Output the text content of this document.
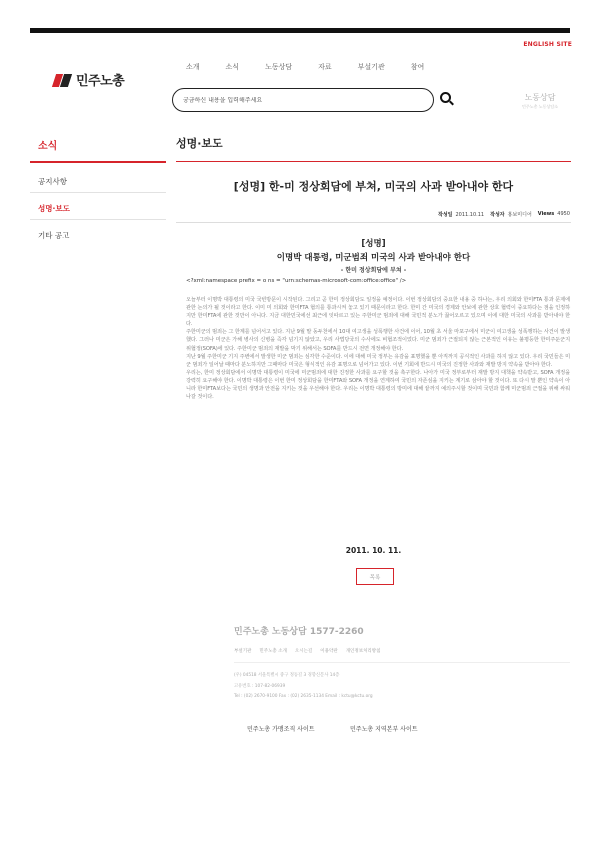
ENGLISH SITE
민주노총
소개	소식	노동상담	자료	부설기관	참여
궁금하신 내용을 입력해주세요
노동상담
민주노총 노동상담소
소식
공지사항
성명·보도
기타 공고
성명·보도
[성명] 한-미 정상회담에 부쳐, 미국의 사과 받아내야 한다
작성일 2011.10.11 작성자 홍보미디어 Views 4950
[성명]
이명박 대통령, 미군범죄 미국의 사과 받아내야 한다
- 한미 정상회담에 부쳐 -
<?xml:namespace prefix = o ns = "urn:schemas-microsoft-com:office:office" />

오늘부터 이명박 대통령의 미국 국빈방문이 시작된다. 그리고 곧 한미 정상회담도 일정을 예정이다. 이번 정상회담의 중요한 내용 중 하나는, 우리 의회와 한미FTA 통과 문제에 관한 논의가 될 것이라고 한다. 이미 미 의회와 한미FTA 협의를 통과시켜 놓고 있기 때문이라고 한다. 한미 간 미국의 경제와 안보에 관한 상호 협력이 중요하다는 점을 인정하지만 한미FTA에 관한 것만이 아니다. 지금 대한민국에선 최근에 잇따르고 있는 주한미군 범죄에 대해 국민적 분노가 끓어오르고 있으며 이에 대한 미국의 사과를 받아내야 한다.

주한미군의 범죄는 그 한계를 넘어서고 있다. 지난 9월 말 동두천에서 10대 여고생을 성폭행한 사건에 이어, 10월 초 서울 마포구에서 미군이 여고생을 성폭행하는 사건이 발생했다. 그러나 미군은 가해 병사의 신병을 즉각 넘기지 않았고, 우리 사법당국의 수사에도 비협조적이었다. 미군 범죄가 근절되지 않는 근본적인 이유는 불평등한 한미주둔군지위협정(SOFA)에 있다. 주한미군 범죄의 재발을 막기 위해서는 SOFA를 반드시 전면 개정해야 한다.

지난 9월 주한미군 기지 주변에서 발생한 미군 범죄는 심각한 수준이다. 이에 대해 미국 정부는 유감을 표명했을 뿐 아직까지 공식적인 사과를 하지 않고 있다. 우리 국민들은 미군 범죄가 일어날 때마다 분노하지만 그때마다 미국은 형식적인 유감 표명으로 넘어가고 있다. 이번 기회에 반드시 미국의 진정한 사과와 재발 방지 약속을 받아야 한다.

우리는, 한미 정상회담에서 이명박 대통령이 미국에 미군범죄에 대한 진정한 사과를 요구할 것을 촉구한다. 나아가 미국 정부로부터 재발 방지 대책을 약속받고, SOFA 개정을 강력히 요구해야 한다. 이명박 대통령은 이번 한미 정상회담을 한미FTA와 SOFA 개정을 연계하여 국민의 자존심을 지키는 계기로 삼아야 할 것이다. 또 다시 말 뿐인 약속이 아니라 한미FTA보다는 국민의 생명과 안전을 지키는 것을 우선해야 한다. 우리는 이명박 대통령의 방미에 대해 끝까지 예의주시할 것이며 국민과 함께 미군범죄 근절을 위해 싸워나갈 것이다.

2011. 10. 11.
목록
민주노총 노동상담 1577-2260
부설기관 민주노총 소개 오시는길 이용약관 개인정보처리방침
(우) 04518 서울특별시 중구 정동길 3 경향신문사 14층
고유번호 : 107-82-06939
Tel : (02) 2670-9100 Fax : (02) 2635-1134 Email : kctu@kctu.org
민주노총 가맹조직 사이트	민주노총 지역본부 사이트
